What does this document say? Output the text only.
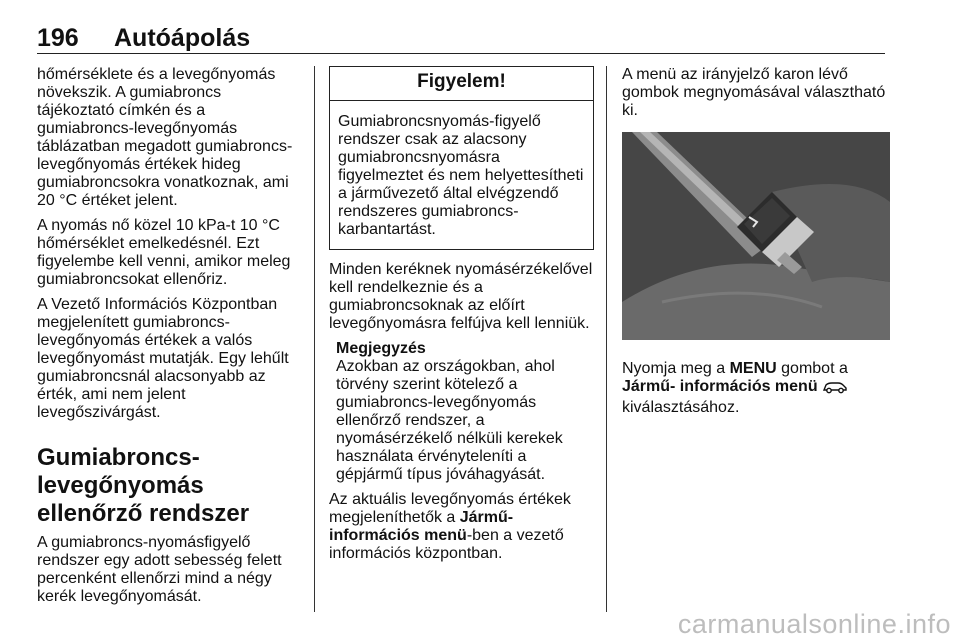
196 Autóápolás

hőmérséklete és a levegőnyomás növekszik. A gumiabroncs tájékoztató címkén és a gumiabroncs-levegőnyomás táblázatban megadott gumiabroncs-levegőnyomás értékek hideg gumiabroncsokra vonatkoznak, ami 20 °C értéket jelent.

A nyomás nő közel 10 kPa-t 10 °C hőmérséklet emelkedésnél. Ezt figyelembe kell venni, amikor meleg gumiabroncsokat ellenőriz.

A Vezető Információs Központban megjelenített gumiabroncs-levegőnyomás értékek a valós levegőnyomást mutatják. Egy lehűlt gumiabroncsnál alacsonyabb az érték, ami nem jelent levegőszivárgást.

Gumiabroncs-levegőnyomás ellenőrző rendszer

A gumiabroncs-nyomásfigyelő rendszer egy adott sebesség felett percenként ellenőrzi mind a négy kerék levegőnyomását.

Figyelem!
Gumiabroncsnyomás-figyelő rendszer csak az alacsony gumiabroncsnyomásra figyelmeztet és nem helyettesítheti a járművezető által elvégzendő rendszeres gumiabroncs-karbantartást.

Minden keréknek nyomásérzékelővel kell rendelkeznie és a gumiabroncsoknak az előírt levegőnyomásra felfújva kell lenniük.

Megjegyzés
Azokban az országokban, ahol törvény szerint kötelező a gumiabroncs-levegőnyomás ellenőrző rendszer, a nyomásérzékelő nélküli kerekek használata érvényteleníti a gépjármű típus jóváhagyását.

Az aktuális levegőnyomás értékek megjeleníthetők a Jármű-információs menü-ben a vezető információs központban.

A menü az irányjelző karon lévő gombok megnyomásával választható ki.

Nyomja meg a MENU gombot a
Jármű- információs menü
kiválasztásához.

carmanualsonline.info
